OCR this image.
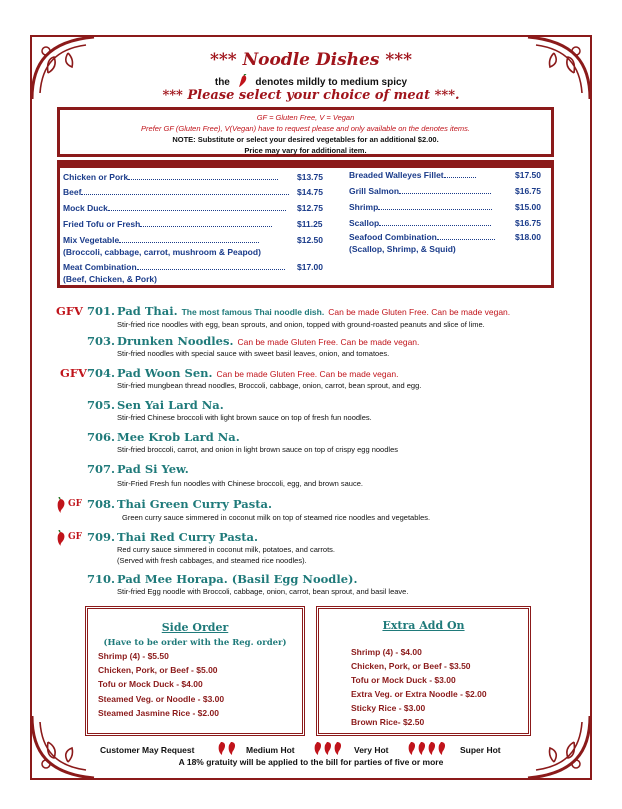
*** Noodle Dishes ***
the	denotes mildly to medium spicy
*** Please select your choice of meat ***.
GF = Gluten Free, V = Vegan
Prefer GF (Gluten Free), V(Vegan) have to request please and only available on the denotes items.
NOTE: Substitute or select your desired vegetables for an additional $2.00.
Price may vary for additional item.
Chicken or Pork	$13.75
Beef	$14.75
Mock Duck	$12.75
Fried Tofu or Fresh	$11.25
Mix Vegetable	$12.50
(Broccoli, cabbage, carrot, mushroom & Peapod)
Meat Combination	$17.00
(Beef, Chicken, & Pork)
Breaded Walleyes Fillet	$17.50
Grill Salmon	$16.75
Shrimp	$15.00
Scallop	$16.75
Seafood Combination	$18.00
(Scallop, Shrimp, & Squid)
GFV 701. Pad Thai. The most famous Thai noodle dish. Can be made Gluten Free. Can be made vegan.
Stir-fried rice noodles with egg, bean sprouts, and onion, topped with ground-roasted peanuts and slice of lime.
703. Drunken Noodles. Can be made Gluten Free. Can be made vegan.
Stir-fried noodles with special sauce with sweet basil leaves, onion, and tomatoes.
GFV 704. Pad Woon Sen. Can be made Gluten Free. Can be made vegan.
Stir-fried mungbean thread noodles, Broccoli, cabbage, onion, carrot, bean sprout, and egg.
705. Sen Yai Lard Na.
Stir-fried Chinese broccoli with light brown sauce on top of fresh fun noodles.
706. Mee Krob Lard Na.
Stir-fried broccoli, carrot, and onion in light brown sauce on top of crispy egg noodles
707. Pad Si Yew.
Stir-Fried Fresh fun noodles with Chinese broccoli, egg, and brown sauce.
GF 708. Thai Green Curry Pasta.
Green curry sauce simmered in coconut milk on top of steamed rice noodles and vegetables.
GF 709. Thai Red Curry Pasta.
Red curry sauce simmered in coconut milk, potatoes, and carrots.
(Served with fresh cabbages, and steamed rice noodles).
710. Pad Mee Horapa. (Basil Egg Noodle).
Stir-fried Egg noodle with Broccoli, cabbage, onion, carrot, bean sprout, and basil leave.
Side Order
(Have to be order with the Reg. order)
Shrimp (4) - $5.50
Chicken, Pork, or Beef - $5.00
Tofu or Mock Duck - $4.00
Steamed Veg. or Noodle - $3.00
Steamed Jasmine Rice - $2.00
Extra Add On
Shrimp (4) - $4.00
Chicken, Pork, or Beef - $3.50
Tofu or Mock Duck - $3.00
Extra Veg. or Extra Noodle - $2.00
Sticky Rice - $3.00
Brown Rice- $2.50
Customer May Request	Medium Hot	Very Hot	Super Hot
A 18% gratuity will be applied to the bill for parties of five or more
